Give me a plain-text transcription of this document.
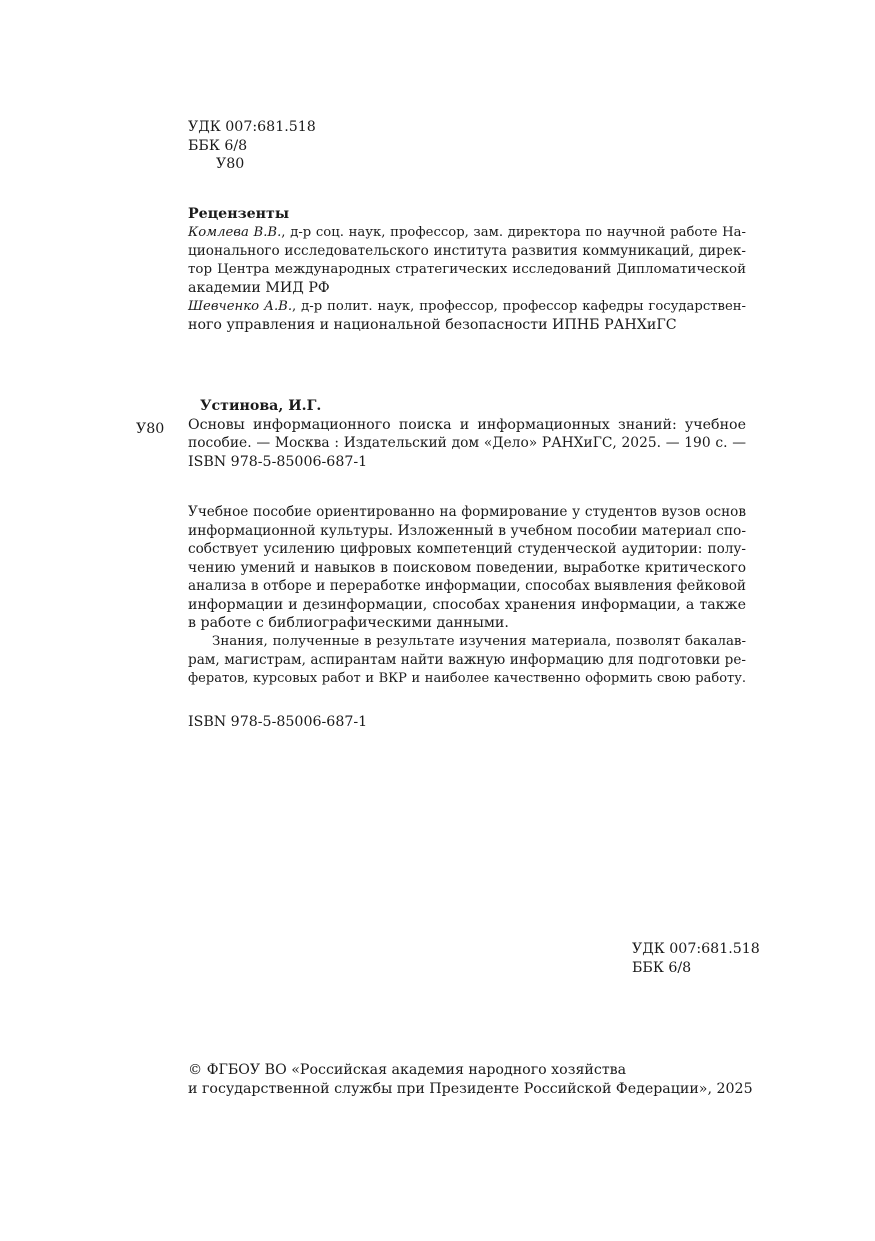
УДК 007:681.518
ББК 6/8
У80
Рецензенты
Комлева В.В., д-р соц. наук, профессор, зам. директора по научной работе На-
ционального исследовательского института развития коммуникаций, дирек-
тор Центра международных стратегических исследований Дипломатической
академии МИД РФ
Шевченко А.В., д-р полит. наук, профессор, профессор кафедры государствен-
ного управления и национальной безопасности ИПНБ РАНХиГС
У80
Устинова, И.Г.
Основы информационного поиска и информационных знаний: учебное
пособие. — Москва : Издательский дом «Дело» РАНХиГС, 2025. — 190 с. —
ISBN 978-5-85006-687-1
Учебное пособие ориентированно на формирование у студентов вузов основ
информационной культуры. Изложенный в учебном пособии материал спо-
собствует усилению цифровых компетенций студенческой аудитории: полу-
чению умений и навыков в поисковом поведении, выработке критического
анализа в отборе и переработке информации, способах выявления фейковой
информации и дезинформации, способах хранения информации, а также
в работе с библиографическими данными.
Знания, полученные в результате изучения материала, позволят бакалав-
рам, магистрам, аспирантам найти важную информацию для подготовки ре-
фератов, курсовых работ и ВКР и наиболее качественно оформить свою работу.
ISBN 978-5-85006-687-1
УДК 007:681.518
ББК 6/8
© ФГБОУ ВО «Российская академия народного хозяйства
и государственной службы при Президенте Российской Федерации», 2025
